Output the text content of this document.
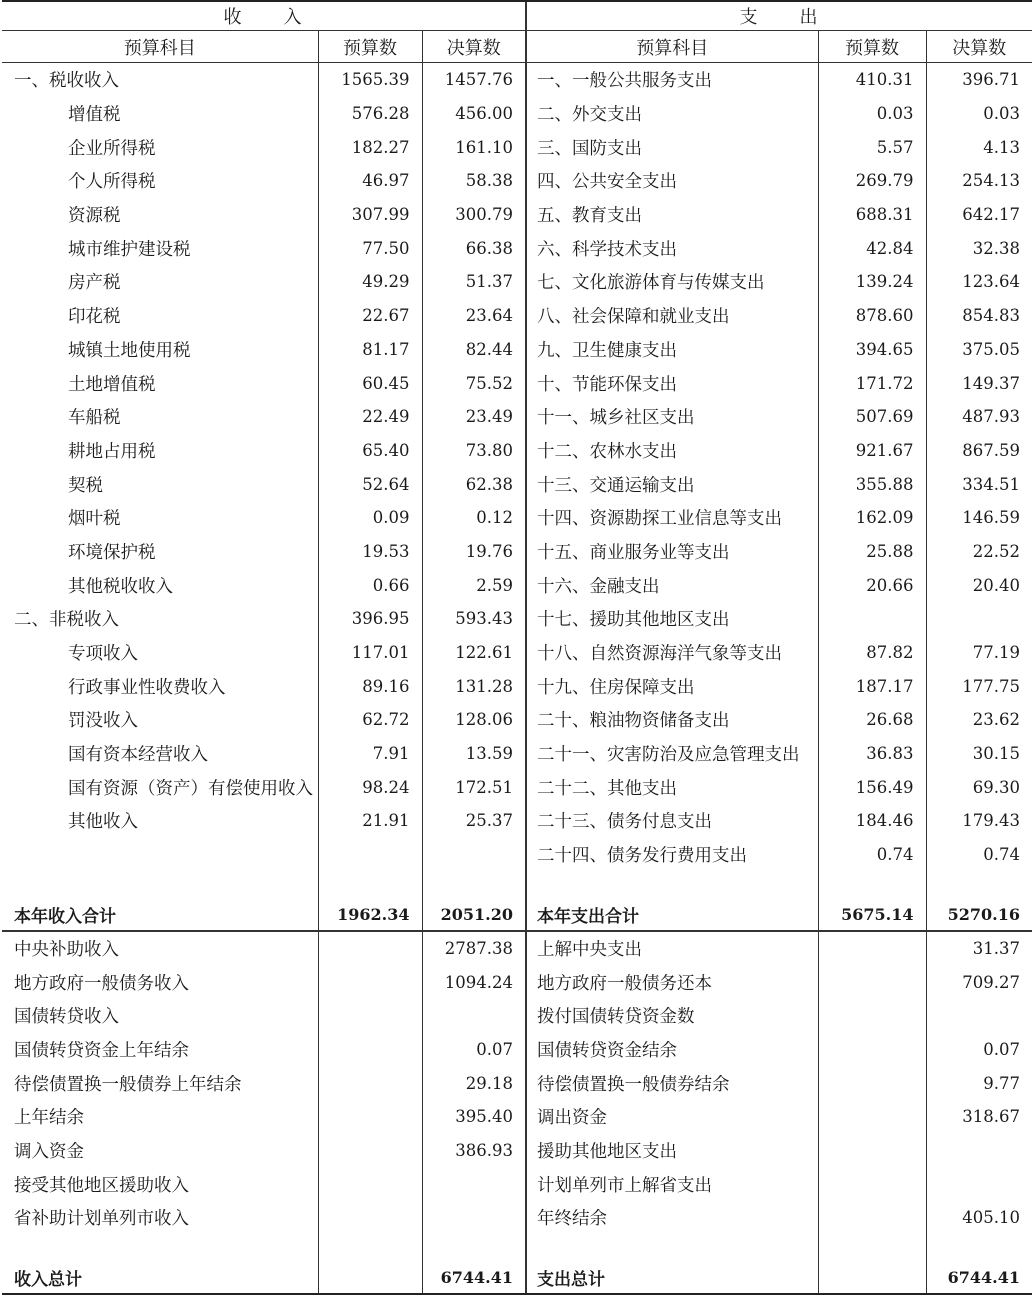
收　　入			支　　出		
预算科目	预算数	决算数	预算科目	预算数	决算数
一、税收收入	1565.39	1457.76	一、一般公共服务支出	410.31	396.71
增值税	576.28	456.00	二、外交支出	0.03	0.03
企业所得税	182.27	161.10	三、国防支出	5.57	4.13
个人所得税	46.97	58.38	四、公共安全支出	269.79	254.13
资源税	307.99	300.79	五、教育支出	688.31	642.17
城市维护建设税	77.50	66.38	六、科学技术支出	42.84	32.38
房产税	49.29	51.37	七、文化旅游体育与传媒支出	139.24	123.64
印花税	22.67	23.64	八、社会保障和就业支出	878.60	854.83
城镇土地使用税	81.17	82.44	九、卫生健康支出	394.65	375.05
土地增值税	60.45	75.52	十、节能环保支出	171.72	149.37
车船税	22.49	23.49	十一、城乡社区支出	507.69	487.93
耕地占用税	65.40	73.80	十二、农林水支出	921.67	867.59
契税	52.64	62.38	十三、交通运输支出	355.88	334.51
烟叶税	0.09	0.12	十四、资源勘探工业信息等支出	162.09	146.59
环境保护税	19.53	19.76	十五、商业服务业等支出	25.88	22.52
其他税收收入	0.66	2.59	十六、金融支出	20.66	20.40
二、非税收入	396.95	593.43	十七、援助其他地区支出		
专项收入	117.01	122.61	十八、自然资源海洋气象等支出	87.82	77.19
行政事业性收费收入	89.16	131.28	十九、住房保障支出	187.17	177.75
罚没收入	62.72	128.06	二十、粮油物资储备支出	26.68	23.62
国有资本经营收入	7.91	13.59	二十一、灾害防治及应急管理支出	36.83	30.15
国有资源（资产）有偿使用收入	98.24	172.51	二十二、其他支出	156.49	69.30
其他收入	21.91	25.37	二十三、债务付息支出	184.46	179.43
			二十四、债务发行费用支出	0.74	0.74

本年收入合计	1962.34	2051.20	本年支出合计	5675.14	5270.16
中央补助收入		2787.38	上解中央支出		31.37
地方政府一般债务收入		1094.24	地方政府一般债务还本		709.27
国债转贷收入			拨付国债转贷资金数		
国债转贷资金上年结余		0.07	国债转贷资金结余		0.07
待偿债置换一般债券上年结余		29.18	待偿债置换一般债券结余		9.77
上年结余		395.40	调出资金		318.67
调入资金		386.93	援助其他地区支出		
接受其他地区援助收入			计划单列市上解省支出		
省补助计划单列市收入			年终结余		405.10

收入总计		6744.41	支出总计		6744.41
